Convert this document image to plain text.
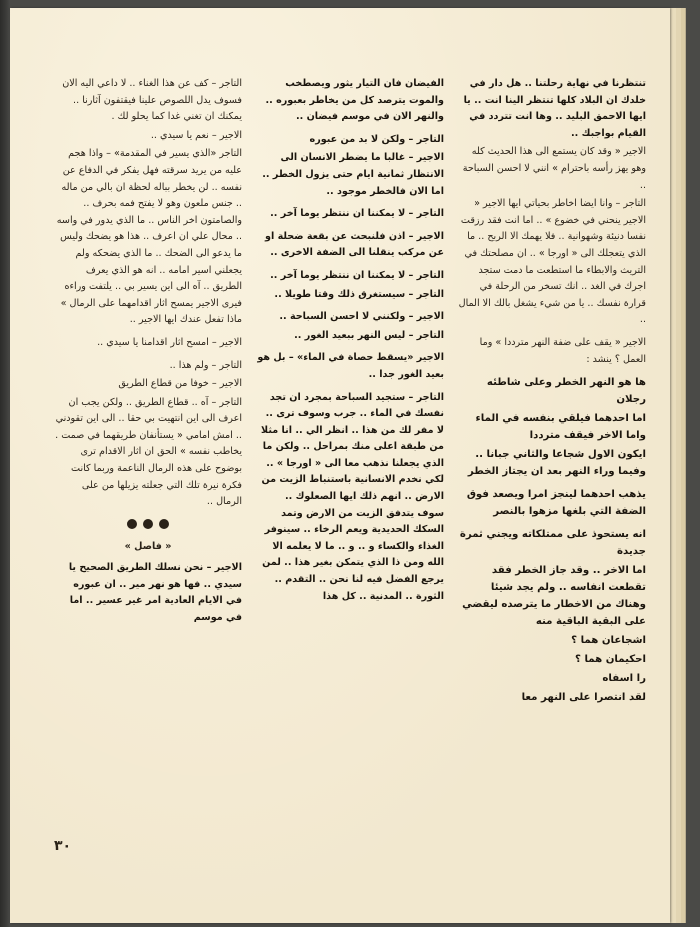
التاجر – كف عن هذا الغناء .. لا داعي اليه الان فسوف يدل اللصوص علينا فيقتفون آثارنا .. يمكنك ان تغني غدا كما يحلو لك .

الاجير – نعم يا سيدي ..

التاجر «الذي يسير في المقدمة» – واذا هجم عليه من يريد سرقته فهل يفكر في الدفاع عن نفسه .. لن يخطر بباله لحظة ان بالي من ماله .. جنس ملعون وهو لا يفتح فمه بحرف .. والصامتون اخر الناس .. ما الذي يدور في واسه .. محال علي ان اعرف .. هذا هو يضحك وليس ما يدعو الى الضحك .. ما الذي يضحكه ولم يجعلني اسير امامه .. انه هو الذي يعرف الطريق .. آه الى اين يسير بي .. يلتفت وراءه فيرى الاجير يمسح اثار اقدامهما على الرمال » ماذا تفعل عندك ايها الاجير ..

الاجير – امسح اثار اقدامنا يا سيدي ..

التاجر – ولم هذا ..

الاجير – خوفا من قطاع الطريق

التاجر – آه .. قطاع الطريق .. ولكن يجب ان اعرف الى اين انتهيت بي حقا .. الى اين تقودني .. امش امامي « يستأنفان طريقهما في صمت . يخاطب نفسه » الحق ان اثار الاقدام ترى بوضوح على هذه الرمال الناعمة وربما كانت فكرة نيرة تلك التي جعلته يزيلها من على الرمال ..

« فاصل »

الاجير – نحن نسلك الطريق الصحيح يا سيدي .. فها هو نهر مير .. ان عبوره في الايام العادية امر غير عسير .. اما في موسم

الفيضان فان التيار يثور ويصطخب والموت يترصد كل من يخاطر بعبوره .. والنهر الان في موسم فيضان ..

التاجر – ولكن لا بد من عبوره

الاجير – غالبا ما يضطر الانسان الى الانتظار ثمانية ايام حتى يزول الخطر .. اما الان فالخطر موجود ..

التاجر – لا يمكننا ان ننتظر يوما آخر ..

الاجير – اذن فلنبحث عن بقعة ضحلة او عن مركب ينقلنا الى الضفة الاخرى ..

التاجر – لا يمكننا ان ننتظر يوما آخر ..

التاجر – سيستغرق ذلك وقتا طويلا ..

الاجير – ولكنني لا احسن السباحة ..

التاجر – ليس النهر ببعيد الغور ..

الاجير «يسقط حصاة في الماء» – بل هو بعيد الغور جدا ..

التاجر – ستجيد السباحة بمجرد ان تجد نفسك في الماء .. جرب وسوف ترى .. لا مفر لك من هذا .. انظر الي .. انا مثلا من طبقة اعلى منك بمراحل .. ولكن ما الذي يجعلنا نذهب معا الى « اورجا » .. لكي نخدم الانسانية باستنباط الزيت من الارض .. انهم ذلك ايها الصعلوك .. سوف يتدفق الزيت من الارض وتمد السكك الحديدية ويعم الرخاء .. سينوفر الغذاء والكساء و .. و .. ما لا يعلمه الا الله ومن ذا الذي يتمكن بغير هذا .. لمن يرجع الفضل فيه لنا نحن .. التقدم .. الثورة .. المدنية .. كل هذا

تنتظرنا في نهاية رحلتنا .. هل دار في خلدك ان البلاد كلها تنتظر الينا انت .. يا ايها الاحمق البليد .. وها انت تتردد في القيام بواجبك ..

الاجير « وقد كان يستمع الى هذا الحديث كله وهو يهز رأسه باحترام » انني لا احسن السباحة ..

التاجر – وانا ايضا اخاطر بحياتي ايها الاجير « الاجير ينحني في خضوع » .. اما انت فقد رزقت نفسا دنيئة وشهوانية .. فلا يهمك الا الربح .. ما الذي يتعجلك الى « اورجا » .. ان مصلحتك في التريث والابطاء ما استطعت ما دمت ستجد اجرك في الغد .. انك تسخر من الرحلة في قرارة نفسك .. يا من شيء يشغل بالك الا المال ..

الاجير « يقف على ضفة النهر مترددا » وما العمل ؟ ينشد :

ها هو النهر الخطر وعلى شاطئه رجلان

اما احدهما فيلقي بنفسه في الماء واما الاخر فيقف مترددا

ايكون الاول شجاعا والثاني جبانا .. وفيما وراء النهر بعد ان يجتاز الخطر

يذهب احدهما لينجز امرا ويصعد فوق الضفة التي بلغها مزهوا بالنصر

انه يستحوذ على ممتلكاته ويجني ثمرة جديدة

اما الاخر .. وقد جاز الخطر فقد تقطعت انفاسه .. ولم يجد شيئا وهناك من الاخطار ما يترصده ليقضي على البقية الباقية منه

اشجاعان هما ؟

احكيمان هما ؟

را اسفاه

لقد انتصرا على النهر معا

٣٠
